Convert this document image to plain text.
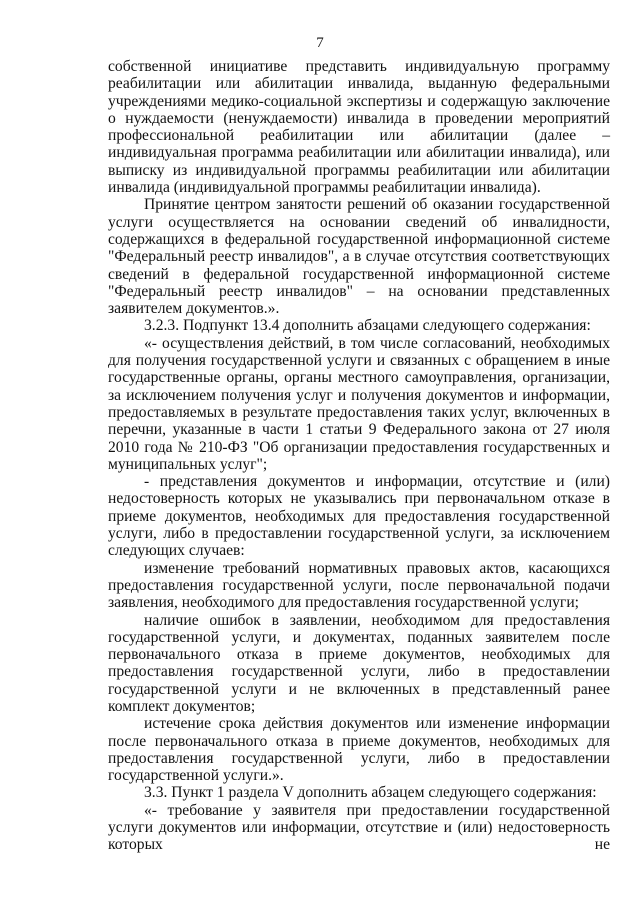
7

собственной инициативе представить индивидуальную программу реабилитации или абилитации инвалида, выданную федеральными учреждениями медико-социальной экспертизы и содержащую заключение о нуждаемости (ненуждаемости) инвалида в проведении мероприятий профессиональной реабилитации или абилитации (далее – индивидуальная программа реабилитации или абилитации инвалида), или выписку из индивидуальной программы реабилитации или абилитации инвалида (индивидуальной программы реабилитации инвалида).

Принятие центром занятости решений об оказании государственной услуги осуществляется на основании сведений об инвалидности, содержащихся в федеральной государственной информационной системе "Федеральный реестр инвалидов", а в случае отсутствия соответствующих сведений в федеральной государственной информационной системе "Федеральный реестр инвалидов" – на основании представленных заявителем документов.».

3.2.3. Подпункт 13.4 дополнить абзацами следующего содержания:

«- осуществления действий, в том числе согласований, необходимых для получения государственной услуги и связанных с обращением в иные государственные органы, органы местного самоуправления, организации, за исключением получения услуг и получения документов и информации, предоставляемых в результате предоставления таких услуг, включенных в перечни, указанные в части 1 статьи 9 Федерального закона от 27 июля 2010 года № 210-ФЗ "Об организации предоставления государственных и муниципальных услуг";

- представления документов и информации, отсутствие и (или) недостоверность которых не указывались при первоначальном отказе в приеме документов, необходимых для предоставления государственной услуги, либо в предоставлении государственной услуги, за исключением следующих случаев:

изменение требований нормативных правовых актов, касающихся предоставления государственной услуги, после первоначальной подачи заявления, необходимого для предоставления государственной услуги;

наличие ошибок в заявлении, необходимом для предоставления государственной услуги, и документах, поданных заявителем после первоначального отказа в приеме документов, необходимых для предоставления государственной услуги, либо в предоставлении государственной услуги и не включенных в представленный ранее комплект документов;

истечение срока действия документов или изменение информации после первоначального отказа в приеме документов, необходимых для предоставления государственной услуги, либо в предоставлении государственной услуги.».

3.3. Пункт 1 раздела V дополнить абзацем следующего содержания:

«- требование у заявителя при предоставлении государственной услуги документов или информации, отсутствие и (или) недостоверность которых не
